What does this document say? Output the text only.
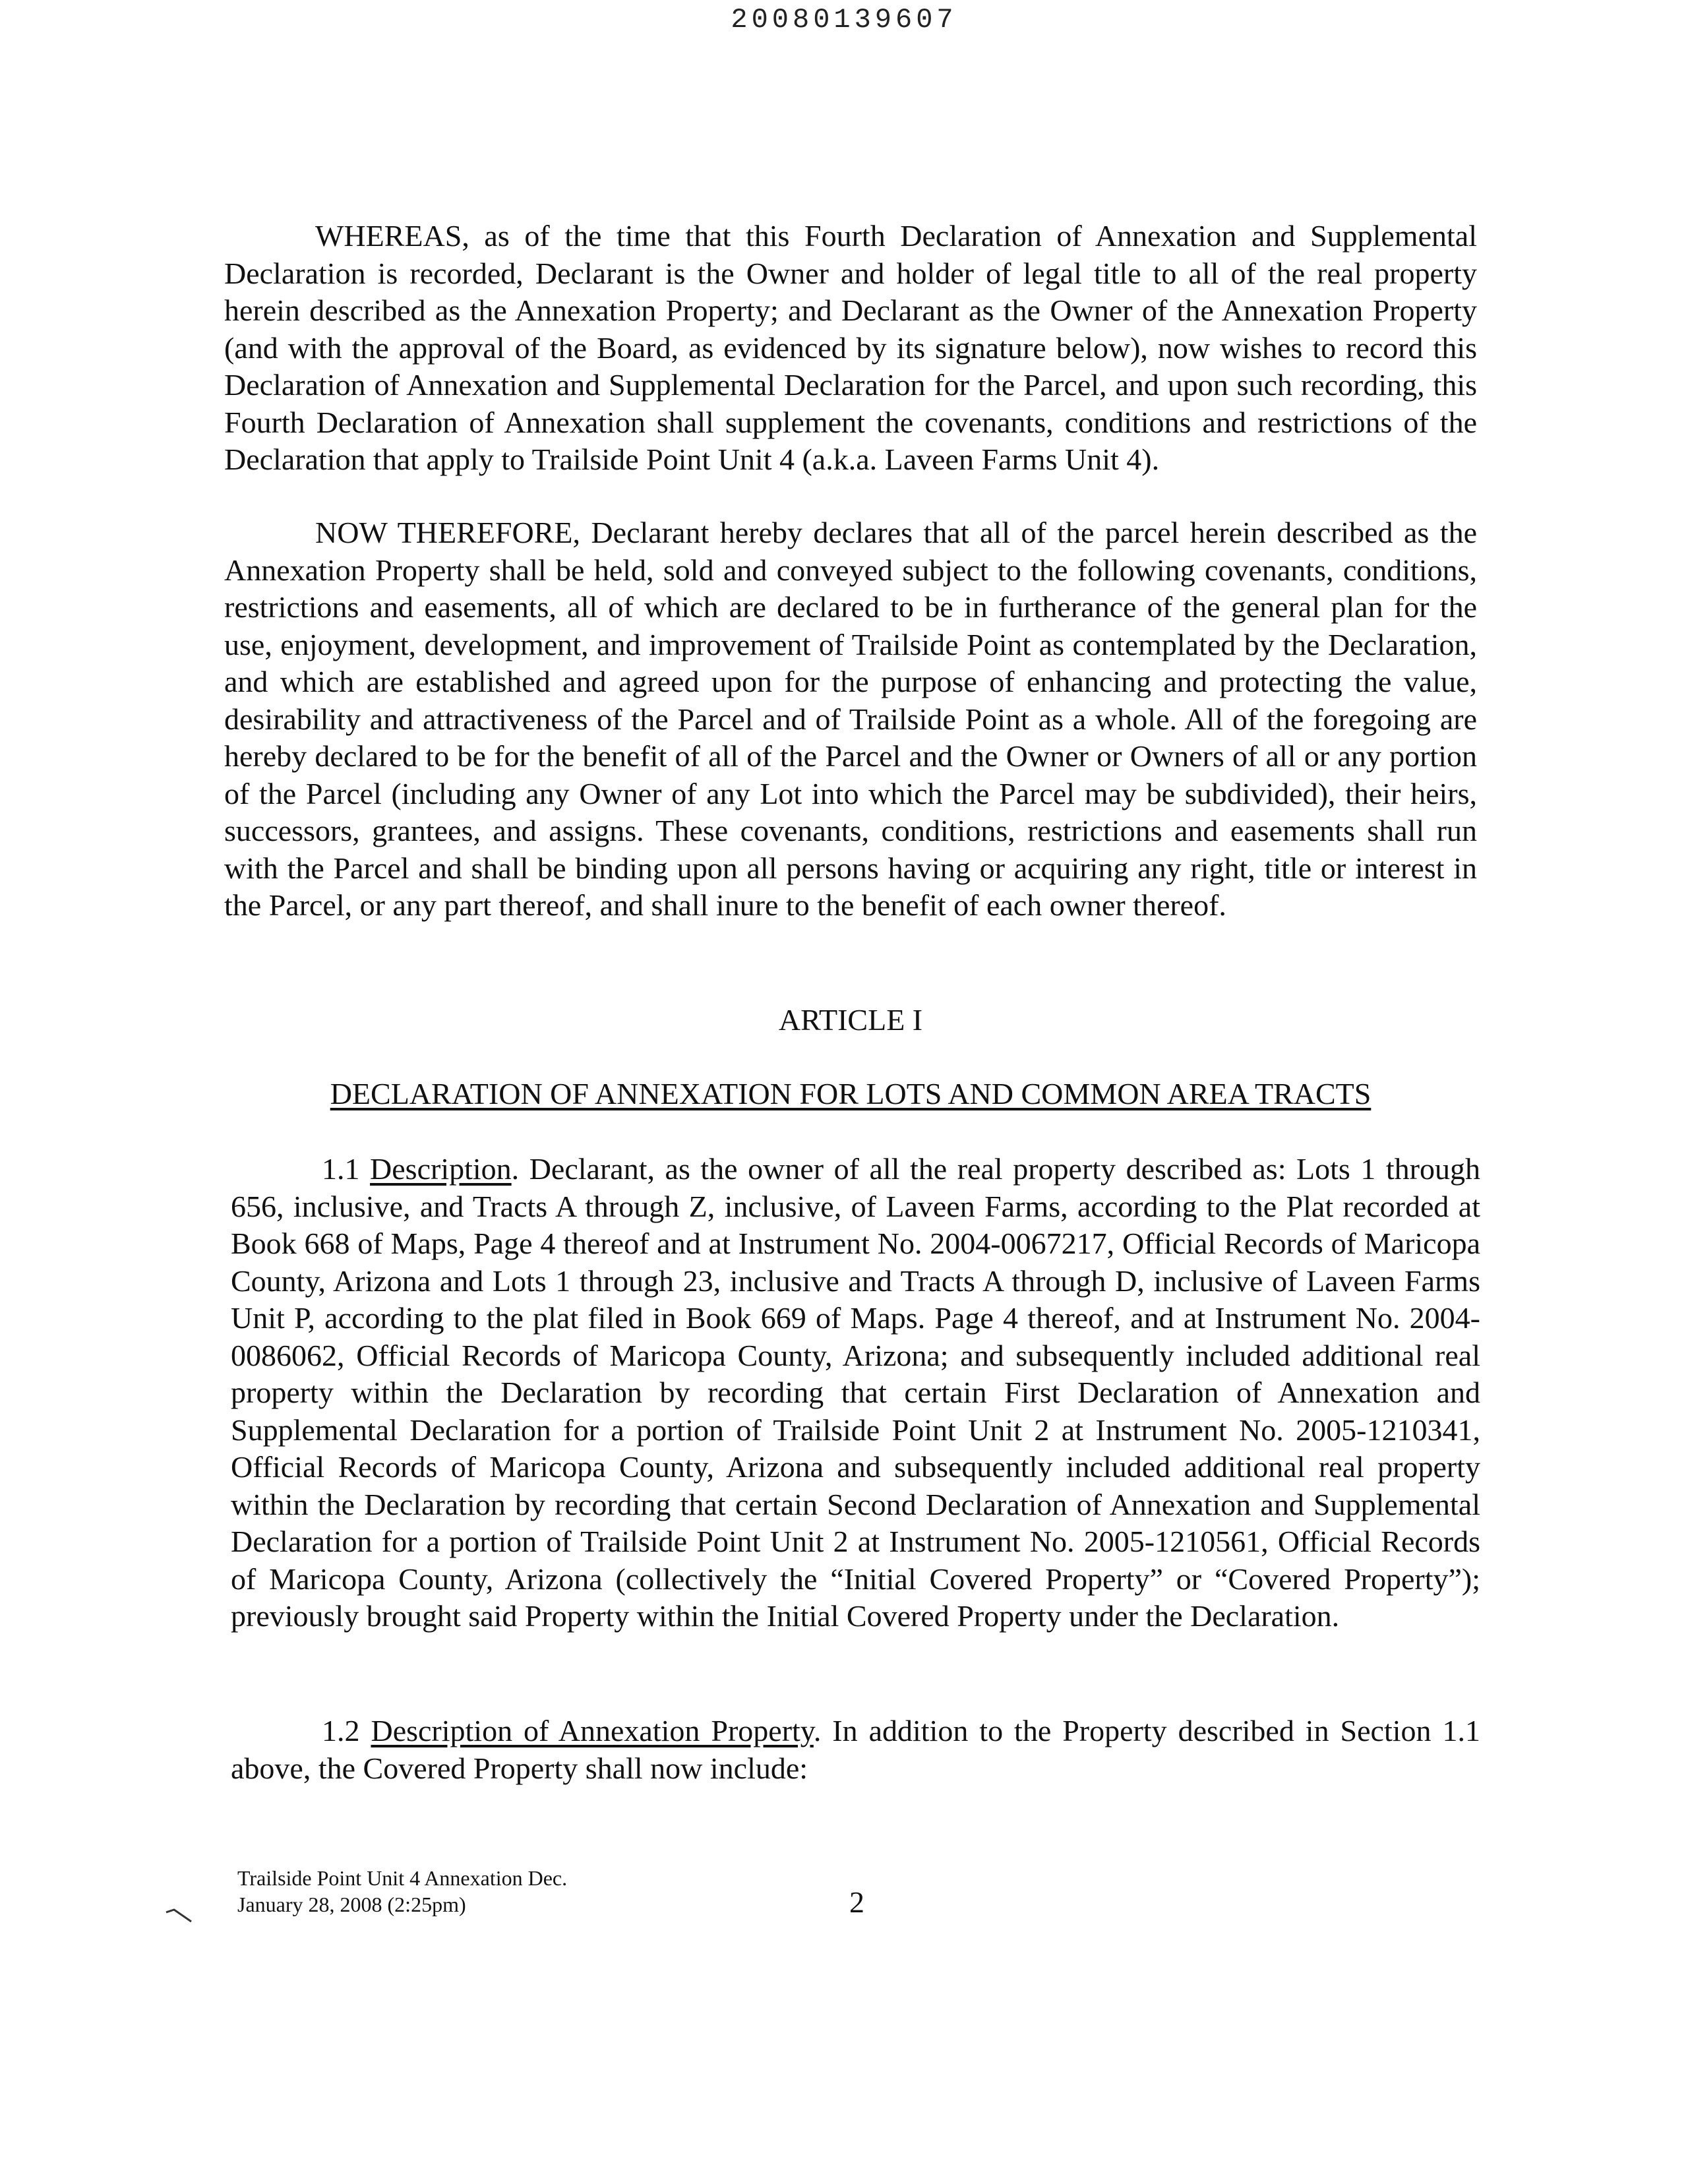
20080139607

WHEREAS, as of the time that this Fourth Declaration of Annexation and Supplemental Declaration is recorded, Declarant is the Owner and holder of legal title to all of the real property herein described as the Annexation Property; and Declarant as the Owner of the Annexation Property (and with the approval of the Board, as evidenced by its signature below), now wishes to record this Declaration of Annexation and Supplemental Declaration for the Parcel, and upon such recording, this Fourth Declaration of Annexation shall supplement the covenants, conditions and restrictions of the Declaration that apply to Trailside Point Unit 4 (a.k.a. Laveen Farms Unit 4).

NOW THEREFORE, Declarant hereby declares that all of the parcel herein described as the Annexation Property shall be held, sold and conveyed subject to the following covenants, conditions, restrictions and easements, all of which are declared to be in furtherance of the general plan for the use, enjoyment, development, and improvement of Trailside Point as contemplated by the Declaration, and which are established and agreed upon for the purpose of enhancing and protecting the value, desirability and attractiveness of the Parcel and of Trailside Point as a whole. All of the foregoing are hereby declared to be for the benefit of all of the Parcel and the Owner or Owners of all or any portion of the Parcel (including any Owner of any Lot into which the Parcel may be subdivided), their heirs, successors, grantees, and assigns. These covenants, conditions, restrictions and easements shall run with the Parcel and shall be binding upon all persons having or acquiring any right, title or interest in the Parcel, or any part thereof, and shall inure to the benefit of each owner thereof.

ARTICLE I

DECLARATION OF ANNEXATION FOR LOTS AND COMMON AREA TRACTS

1.1 Description. Declarant, as the owner of all the real property described as: Lots 1 through 656, inclusive, and Tracts A through Z, inclusive, of Laveen Farms, according to the Plat recorded at Book 668 of Maps, Page 4 thereof and at Instrument No. 2004-0067217, Official Records of Maricopa County, Arizona and Lots 1 through 23, inclusive and Tracts A through D, inclusive of Laveen Farms Unit P, according to the plat filed in Book 669 of Maps. Page 4 thereof, and at Instrument No. 2004-0086062, Official Records of Maricopa County, Arizona; and subsequently included additional real property within the Declaration by recording that certain First Declaration of Annexation and Supplemental Declaration for a portion of Trailside Point Unit 2 at Instrument No. 2005-1210341, Official Records of Maricopa County, Arizona and subsequently included additional real property within the Declaration by recording that certain Second Declaration of Annexation and Supplemental Declaration for a portion of Trailside Point Unit 2 at Instrument No. 2005-1210561, Official Records of Maricopa County, Arizona (collectively the “Initial Covered Property” or “Covered Property”); previously brought said Property within the Initial Covered Property under the Declaration.

1.2 Description of Annexation Property. In addition to the Property described in Section 1.1 above, the Covered Property shall now include:

Trailside Point Unit 4 Annexation Dec.
January 28, 2008 (2:25pm)	2
